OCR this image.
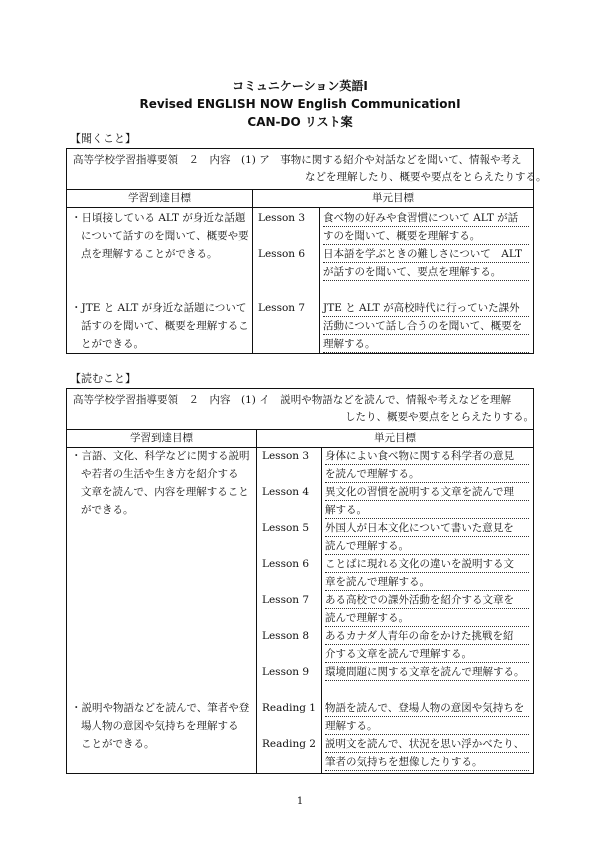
コミュニケーション英語Ⅰ
Revised ENGLISH NOW English CommunicationⅠ
CAN-DO リスト案
【聞くこと】
高等学校学習指導要領　２　内容　(1) ア　事物に関する紹介や対話などを聞いて、情報や考え
などを理解したり、概要や要点をとらえたりする。
学習到達目標	単元目標
・日頃接している ALT が身近な話題
について話すのを聞いて、概要や要
点を理解することができる。
・JTE と ALT が身近な話題について
話すのを聞いて、概要を理解するこ
とができる。
Lesson 3
Lesson 6
Lesson 7
食べ物の好みや食習慣について ALT が話
すのを聞いて、概要を理解する。
日本語を学ぶときの難しさについて　ALT
が話すのを聞いて、要点を理解する。
JTE と ALT が高校時代に行っていた課外
活動について話し合うのを聞いて、概要を
理解する。
【読むこと】
高等学校学習指導要領　２　内容　(1) イ　説明や物語などを読んで、情報や考えなどを理解
したり、概要や要点をとらえたりする。
学習到達目標	単元目標
・言語、文化、科学などに関する説明
や若者の生活や生き方を紹介する
文章を読んで、内容を理解すること
ができる。
・説明や物語などを読んで、筆者や登
場人物の意図や気持ちを理解する
ことができる。
Lesson 3
Lesson 4
Lesson 5
Lesson 6
Lesson 7
Lesson 8
Lesson 9
Reading 1
Reading 2
身体によい食べ物に関する科学者の意見
を読んで理解する。
異文化の習慣を説明する文章を読んで理
解する。
外国人が日本文化について書いた意見を
読んで理解する。
ことばに現れる文化の違いを説明する文
章を読んで理解する。
ある高校での課外活動を紹介する文章を
読んで理解する。
あるカナダ人青年の命をかけた挑戦を紹
介する文章を読んで理解する。
環境問題に関する文章を読んで理解する。
物語を読んで、登場人物の意図や気持ちを
理解する。
説明文を読んで、状況を思い浮かべたり、
筆者の気持ちを想像したりする。
1
